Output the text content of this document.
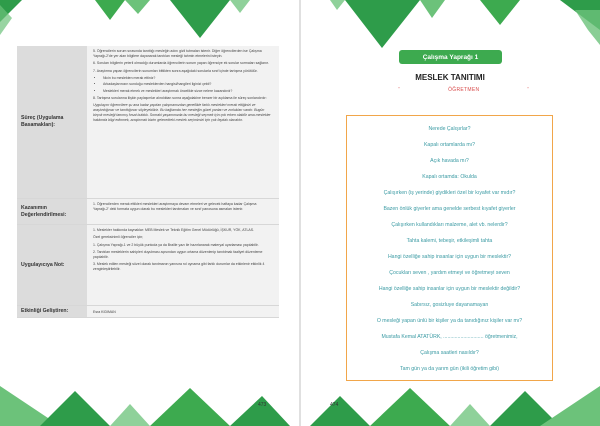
Süreç (Uygulama Basamakları):

5. Öğrencilerin sorum sırasında tanıttığı mesleğin adını gizli tutmaları istenir. Diğer öğrencilerden ise Çalışma Yaprağı-2'de yer alan bilgilere dayanarak tanıtılan mesleği tahmin etmelerini isteyin.

6. Soruları bilgilerin yeterli olmadığı durumlarda öğrencilerin sorum yapan öğrenciye ek sorular sormaları sağlanır.

7. Araştırma yapan öğrencilerin sunumları bittikten sonra aşağıdaki sorularla sınıf içinde tartışma yürütülür.

• Nicin bu meslekten merak ettiniz?
• Arkadaşlarınızın sunduğu mesleklerden hangisi/hangileri ilginizi çekti?
• Meslekleri merak etmek ve meslekleri araştırmak öncelikle sizce nelere kazandırdı?

8. Tartışma sorularına ilişkin paylaşımlar alındıktan sonra aşağıdakine benzer bir açıklama ile süreç sonlandırılır:

Uygulayıcı öğrencilere şu ana kadar yapılan çalışmamızdan genellikle farklı meslekleri merak ettiğinizi ve araştırdığınızı ve tanıttığınızı söyleyebiliriz. Bu bağlamda her mesleğin güzel yanları ve zorlukları vardır. Bugün birçok mesleği tanımış fırsat bulduk. Sonraki yaşamınızda bu mesleği seçmek için çok erken olabilir ama meslekler hakkında bilgi edinmek, araştırmak bizim gelecekteki meslek seçimimizi için çok faydalı olacaktır.

Kazanımın Değerlendirilmesi:

1. Öğrencilerden merak ettikleri meslekleri araştırmaya devam etmeleri ve gelecek haftaya kadar Çalışma Yaprağı-2' deki formata uygun olarak bu meslekleri tanıtmaları ve sınıf panosuna asmaları istenir.

Uygulayıcıya Not:

1. Meslekler hakkında kaynaklar: MEB Meslek ve Teknik Eğitim Genel Müdürlüğü, İŞKUR, YÖK, ATLAS.

Özel gereksinimli öğrenciler için;

1. Çalışma Yaprağı-1 ve 2 büyük puntoda ya da Braille yazı ile hazırlanarak materyal uyarlaması yapılabilir.

2. Tanıtılan mesleklerin sahipleri duyulması açısından uygun ortama düzenlenip tanıtılmak faaliyet düzenleme yapılabilir.

3. Meslek edilen mesleği sözel olarak tanıtmanın yanısıra rol oynama gibi farklı durumlar da etkinlenir etkinlik 4 zenginleştirilebilir.

Etkinliği Geliştiren:	Esra KIDIMAN

473
Çalışma Yaprağı 1
MESLEK TANITIMI
"	ÖĞRETMEN	"
Nerede Çalışırlar?
Kapalı ortamlarda mı?
Açık havada mı?
Kapalı ortamda: Okulda
Çalışırken (iş yerinde) giydikleri özel bir kıyafet var mıdır?
Bazen önlük giyerler ama genelde serbest kıyafet giyerler
Çalışırken kullandıkları malzeme, alet vb. nelerdir?
Tahta kalemi, tebeşir, etkileşimli tahta
Hangi özelliğe sahip insanlar için uygun bir meslektir?
Çocukları seven , yardım etmeyi ve öğretmeyi seven
Hangi özelliğe sahip insanlar için uygun bir meslektir değildir?
Sabırsız, gosizluye dayanamayan
O mesleği yapan ünlü bir kişiler ya da tanıdığınız kişiler var mı?
Mustafa Kemal ATATÜRK, ............................ öğretmenimiz,
Çalışma saatleri nasıldır?
Tam gün ya da yarım gün (ikili öğretim gibi)
474
